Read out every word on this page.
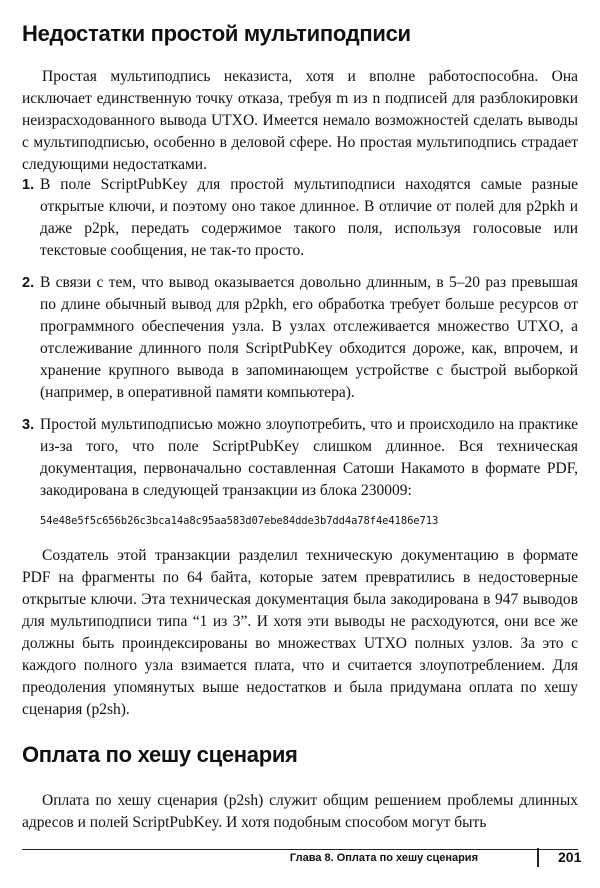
Недостатки простой мультиподписи

Простая мультиподпись неказиста, хотя и вполне работоспособна. Она исключает единственную точку отказа, требуя m из n подписей для разблокировки неизрасходованного вывода UTXO. Имеется немало возможностей сделать выводы с мультиподписью, особенно в деловой сфере. Но простая мультиподпись страдает следующими недостатками.

1. В поле ScriptPubKey для простой мультиподписи находятся самые разные открытые ключи, и поэтому оно такое длинное. В отличие от полей для p2pkh и даже p2pk, передать содержимое такого поля, используя голосовые или текстовые сообщения, не так-то просто.
2. В связи с тем, что вывод оказывается довольно длинным, в 5–20 раз превышая по длине обычный вывод для p2pkh, его обработка требует больше ресурсов от программного обеспечения узла. В узлах отслеживается множество UTXO, а отслеживание длинного поля ScriptPubKey обходится дороже, как, впрочем, и хранение крупного вывода в запоминающем устройстве с быстрой выборкой (например, в оперативной памяти компьютера).
3. Простой мультиподписью можно злоупотребить, что и происходило на практике из-за того, что поле ScriptPubKey слишком длинное. Вся техническая документация, первоначально составленная Сатоши Накамото в формате PDF, закодирована в следующей транзакции из блока 230009:
54e48e5f5c656b26c3bca14a8c95aa583d07ebe84dde3b7dd4a78f4e4186e713

Создатель этой транзакции разделил техническую документацию в формате PDF на фрагменты по 64 байта, которые затем превратились в недостоверные открытые ключи. Эта техническая документация была закодирована в 947 выводов для мультиподписи типа “1 из 3”. И хотя эти выводы не расходуются, они все же должны быть проиндексированы во множествах UTXO полных узлов. За это с каждого полного узла взимается плата, что и считается злоупотреблением. Для преодоления упомянутых выше недостатков и была придумана оплата по хешу сценария (p2sh).

Оплата по хешу сценария

Оплата по хешу сценария (p2sh) служит общим решением проблемы длинных адресов и полей ScriptPubKey. И хотя подобным способом могут быть

Глава 8. Оплата по хешу сценария	201
